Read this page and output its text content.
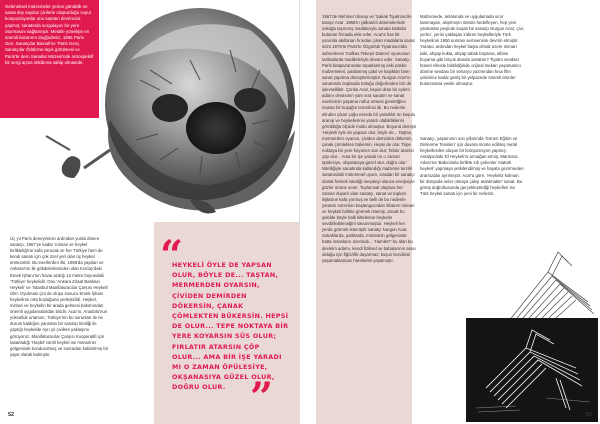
Geleneksel malzemeler yerine gündelik ve sanat dışı sayılan çivilerle oluşturduğu soyut kompozisyonlar onu sanatın devrimcisi yapmış; sanatında sorgulayıcı bir yere oturmasını sağlamıştır. Metalle yönelişin en önemli kazanımı duyğudesiz, 1965 Paris Gen. Sanatçılar Bienali'ne 'Paris Genç Sanatçılar Ödülü'ne layık görülmesi ve Paris'te dern Sanatlar Müzesi'nde retrospektif bir sergi açma imkânına sahip olmasıdır.
Üç yıl Paris deneyiminin ardından yurda dönen sanatçı, 1967'ye kadar 'mimari ve heykel birlikteliği'ne kafa yorucak ve her Türkiye hem de kendi sanatı için çok özel yeri olan üç heykel üretecektir. Bu eserlerden ilki, 1966'da yapılan ve Ankara'nın ilk gökdelenlerinden olan Kızılay'daki Emek İşhanı'nın havai azdığı 13 metre boyundaki 'Türkiye' heykelidir. Onu 'Ankara Ziraat Bankası Heykeli' ve 'İstanbul Manifaturacılar Çarşısı Heykeli' izler. Oyulması çini de oluşu sonucu Emek İşhanı heykelinin orta boşluğuna yerleştirildi. Heykel, mimari ve heykelin bir arada gelmesi bakımından önemli uygulamalardan biridir. Acar'ın, Anadolu'nun yoksulluk ortamını, Türkiye'nin bu sorunları ile ne durum kaldığını yansıtan bir sanatçı kimliği ile yaptığı heykelde Ayrı yıl çivilere yaklaşımı görüyoruz. Manifaturacılar Çarşısı Kooperatifi için tasarladığı 'Haşlet' isimli heykel ise mimarinin gölgesinde kondurulmuş ve sonradan kaldırılmış bir yapıt olarak kalmıştır.
“
HEYKELİ ÖYLE DE YAPSAN OLUR, BÖYLE DE... TAŞTAN, MERMERDEN OYARSIN, ÇİVİDEN DEMİRDEN DÖKERSİN, ÇANAK ÇÖMLEKTEN BÜKERSİN. HEPSİ DE OLUR... TEPE NOKTAYA BİR YERE KOYARSIN SÜS OLUR; FIRLATIR ATARSIN ÇÖP OLUR... AMA BİR İŞE YARADI MI O ZAMAN ÖPÜLESİYE, OKŞANASIYA GÜZEL OLUR, DOĞRU OLUR. ”
52
1967'de Mehmet Ulusoy ve 'Şakak Tiyatrosu'ile tanışır Acar. 1968'in çalkantılı dönemlerinde sokağa taşınmış madalarıyla sanata katkıda bulunan firmada ekle eder. Acar'a has bir yorumla akıllanan fırından çıkan madalarla sanat sözü 1975'te Paris'te Özgürlük Tiyatrosu'nda sahnelenen 'Kafkas Tebeşir Dairesi' oyununun tarikatlarda maddeleriyle devam eder. Sanatçı, Paris bitapazarından toparlanmış eski püskü malzemeleri, paslanmış çakıl ve kaşıkları birer sanat yapıtına dönüştürmüştür. Nurgun Acar'ın sanatında önplanda tuttuğu değerlerden biri de işlevselliktir. Çünkü Acar, beyiel dran bir eylem adamı olmasının yanı sıra sanatın ve sanat eserlerinin yaşama nüfuz etmesi gerektiğine inanan bir kuşağın temsilcisi idi. Bu nedenle elinden çıkan çoğu eserde bir yararlılık ön koşulu aranıp ve heykellerinin yararlı olabildiklerini görüldüğü ölçüde mutlu olmuştur. Boyuna demişti 'Heykeli öyle de yapsan olur, böyle de... Taştan, mermerden oyarsın, çividen demirden dökersin, çanak çömlekten bükersin. Hepsi de olur. Tepe noktaya bir yere koyarsın süs olur; fırlatır atarsın çöp olur... Ama bir işe yaradı mı o zaman öpülesiye, okşanasıya güzel olur, doğru olur.' Nitelliğiyle sanatında kullandığı malzeme tercihi sanatındaki mütemmel uyum, sıradan bir sanatçı olarak fetmek istediği meşaleyi olanca enerjisiyle gözler önüne serer. Toplumsal olaylara her zaman duyarlı olan sanatçı, sanat ve toplum ilişkisine kafa yormuş ve belli de bu nedenle yaratım sürecinin başlangıcından itibaren mimari ve heykeli birlikte görmek istemiş; ancak bu şekilde böyle halk kitlelerine heykelin sevdirilebileceğini savunmuştur. Heykeli her yerde görmek istemiştir sanatçı Nurgun Acar. Sokaklarda, parklarda, mimarinin gölgesinde hatta insanların üzerinde... 'Hamlet?' bu alan bu devinim adamı, kendi fiziksel ve babalarının arası olduğu için fiğılı/ıfik duyarmaz; kuşun kendisini yaşamaktaması hareketini yaşamıştır.
Malzemede, anlatımda ve uygulamada sınır tanımayan, alışılmışın ötesini hedefleyen, hep yeni yaratımlar peşinde koşan bir sanatçı Nurgun Acar; çivi, yerlez, yerini yaklaşan iridiren heykelleriyle Türk heykelinin 1950 sonrası serüveninin devrim etmiştir. Yaratıcı ardından heykel başta olmak üzere mimari tabi, ahşap kukla, ahşap tabak boyama, elbise boyama gibi birçok alanda sanatını? Tiyatro sevdası hüneri ellerde bitirildiğinde orijinal mekan yaşamasını dönme sevdası bir senaryo yazmından kısa film çekimine kadar genlş bir yelpazede önemli ürünler bulunmama vesile olmuştur.
Sanatçı, yaşamının son yıllarında 'Gönen Eğitim ve Dinlenme Tesisleri' için duvara monte edilmiş metal heykellerden oluşan bir kompozisyon yapmış; Antalya'daki 'El Heykeli'ni armağan etmiş; Marmara Adası'na 'Bakıcılarla birlikte sıfı çekenler Atatürk heykeli' yapmaya yetkilendirmiş ve hayata gecirmeden aramızdan ayrılmıştır. Acar'a göre, 'Heykeliz kolman bir dünyada neler olmaya çalışı anlatmaktır' sanat. Bu görüş doğrultusunda gerçekleştirdiği heykelleri ise Türk heykel sanatı için yeni bir nefestir.
53
